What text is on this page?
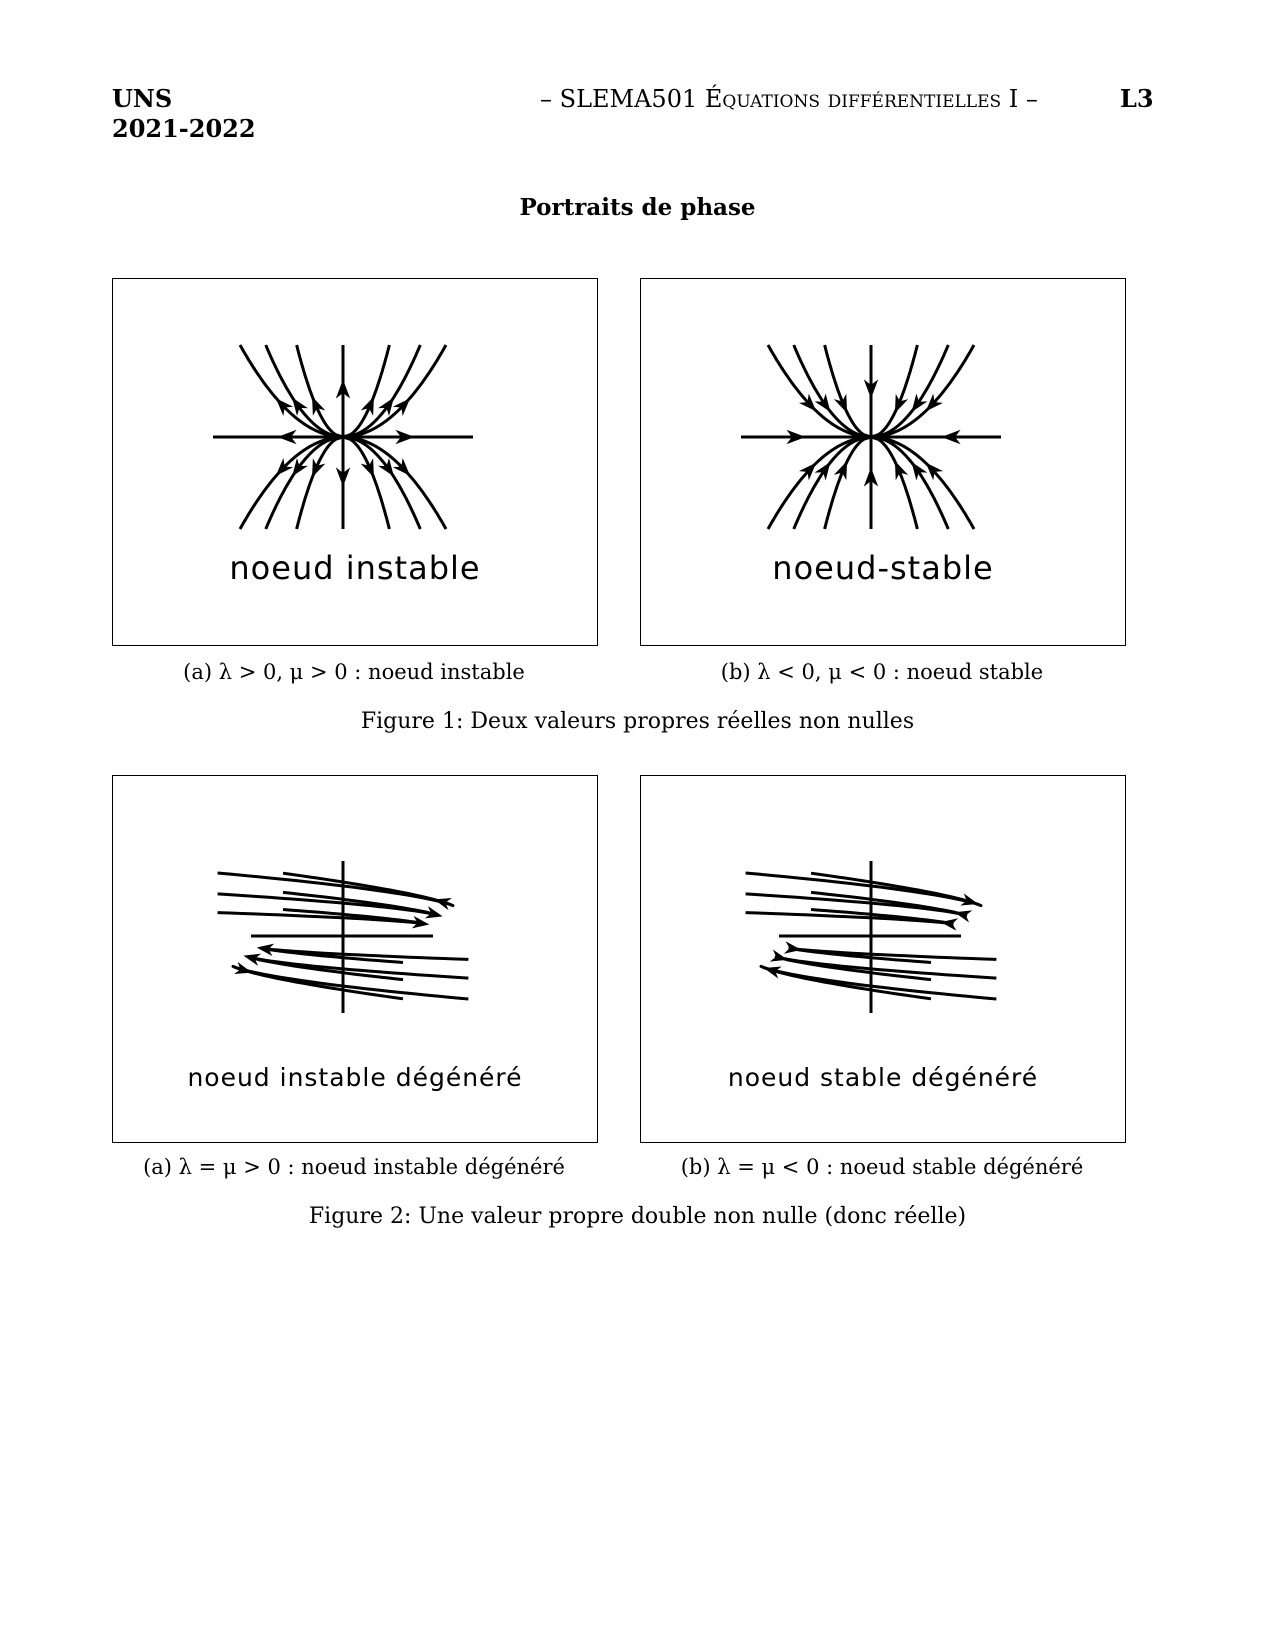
UNS
2021-2022
– SLEMA501 Équations différentielles I –	L3
Portraits de phase
noeud instable	noeud-stable
(a) λ > 0, μ > 0 : noeud instable	(b) λ < 0, μ < 0 : noeud stable
Figure 1: Deux valeurs propres réelles non nulles
noeud instable dégénéré	noeud stable dégénéré
(a) λ = μ > 0 : noeud instable dégénéré	(b) λ = μ < 0 : noeud stable dégénéré
Figure 2: Une valeur propre double non nulle (donc réelle)
